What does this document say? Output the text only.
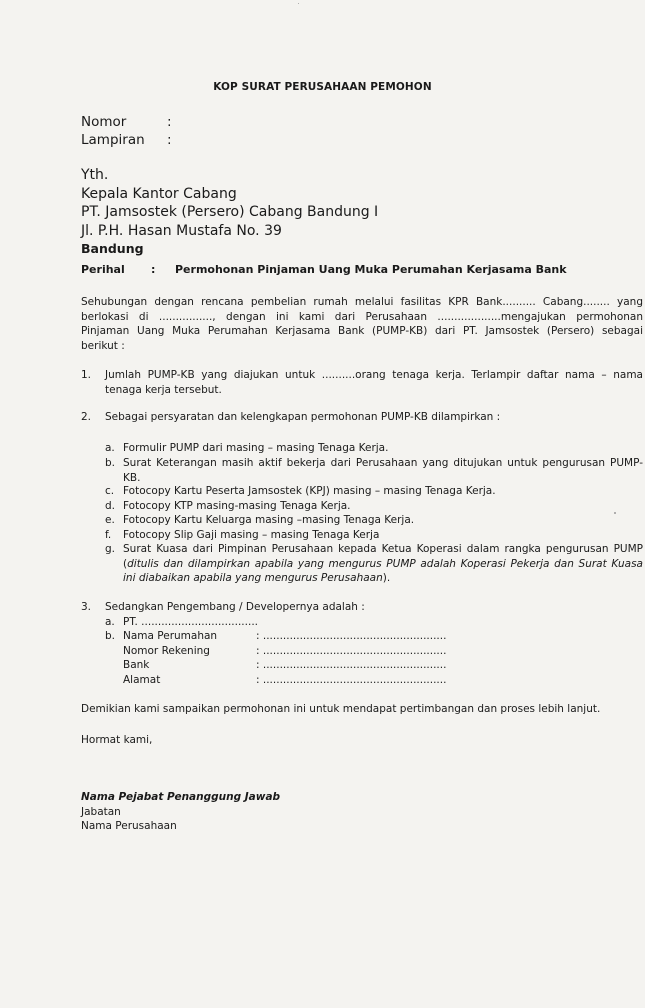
KOP SURAT PERUSAHAAN PEMOHON
Nomor	:
Lampiran	:
Yth.
Kepala Kantor Cabang
PT. Jamsostek (Persero) Cabang Bandung I
Jl. P.H. Hasan Mustafa No. 39
Bandung
Perihal	:	Permohonan Pinjaman Uang Muka Perumahan Kerjasama Bank
Sehubungan dengan rencana pembelian rumah melalui fasilitas KPR Bank.......... Cabang........ yang
berlokasi di ................, dengan ini kami dari Perusahaan ...................mengajukan permohonan
Pinjaman Uang Muka Perumahan Kerjasama Bank (PUMP-KB) dari PT. Jamsostek (Persero) sebagai
berikut :
1.	Jumlah PUMP-KB yang diajukan untuk ..........orang tenaga kerja. Terlampir daftar nama – nama
tenaga kerja tersebut.
2.	Sebagai persyaratan dan kelengkapan permohonan PUMP-KB dilampirkan :
a. Formulir PUMP dari masing – masing Tenaga Kerja.
b. Surat Keterangan masih aktif bekerja dari Perusahaan yang ditujukan untuk pengurusan PUMP-
KB.
c. Fotocopy Kartu Peserta Jamsostek (KPJ) masing – masing Tenaga Kerja.
d. Fotocopy KTP masing-masing Tenaga Kerja.
e. Fotocopy Kartu Keluarga masing –masing Tenaga Kerja.
f. Fotocopy Slip Gaji masing – masing Tenaga Kerja
g. Surat Kuasa dari Pimpinan Perusahaan kepada Ketua Koperasi dalam rangka pengurusan PUMP
(ditulis dan dilampirkan apabila yang mengurus PUMP adalah Koperasi Pekerja dan Surat Kuasa
ini diabaikan apabila yang mengurus Perusahaan).
3.	Sedangkan Pengembang / Developernya adalah :
a. PT. ...................................
b. Nama Perumahan	: .......................................................
Nomor Rekening	: .......................................................
Bank	: .......................................................
Alamat	: .......................................................
Demikian kami sampaikan permohonan ini untuk mendapat pertimbangan dan proses lebih lanjut.
Hormat kami,
Nama Pejabat Penanggung Jawab
Jabatan
Nama Perusahaan
